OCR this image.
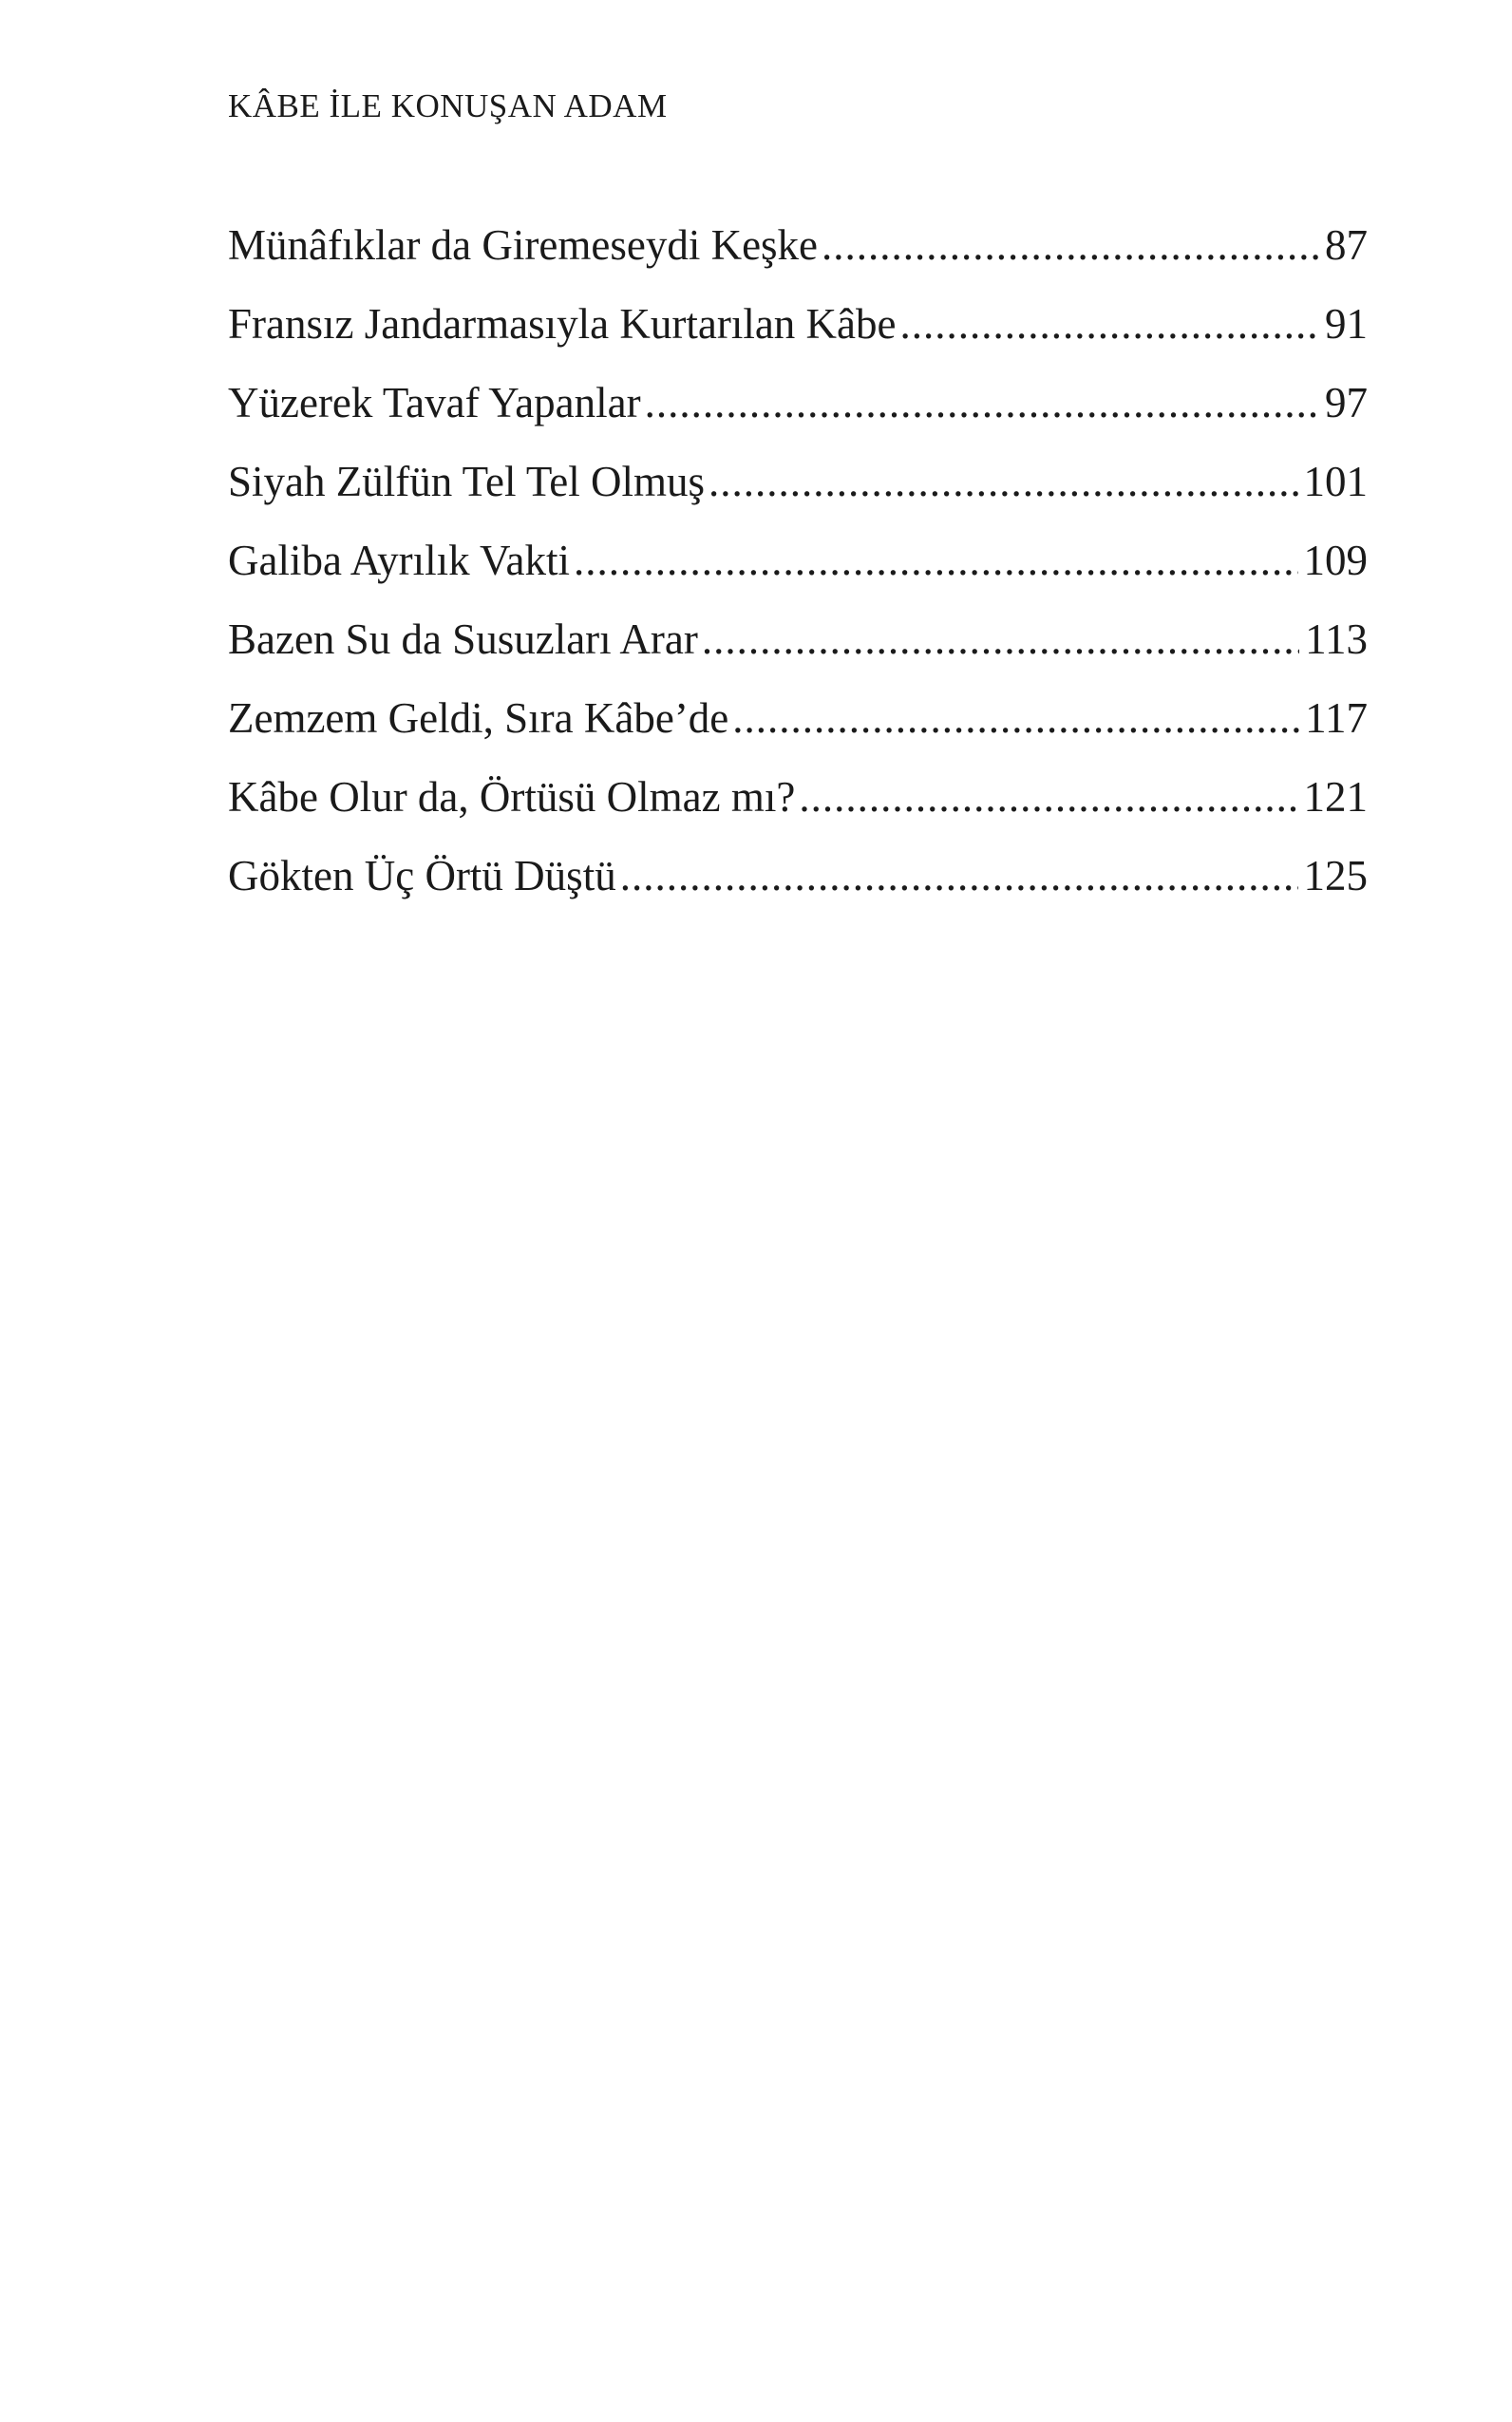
KÂBE İLE KONUŞAN ADAM
Münâfıklar da Giremeseydi Keşke .....	87
Fransız Jandarmasıyla Kurtarılan Kâbe .....	91
Yüzerek Tavaf Yapanlar .....	97
Siyah Zülfün Tel Tel Olmuş .....	101
Galiba Ayrılık Vakti .....	109
Bazen Su da Susuzları Arar .....	113
Zemzem Geldi, Sıra Kâbe’de .....	117
Kâbe Olur da, Örtüsü Olmaz mı? .....	121
Gökten Üç Örtü Düştü .....	125
